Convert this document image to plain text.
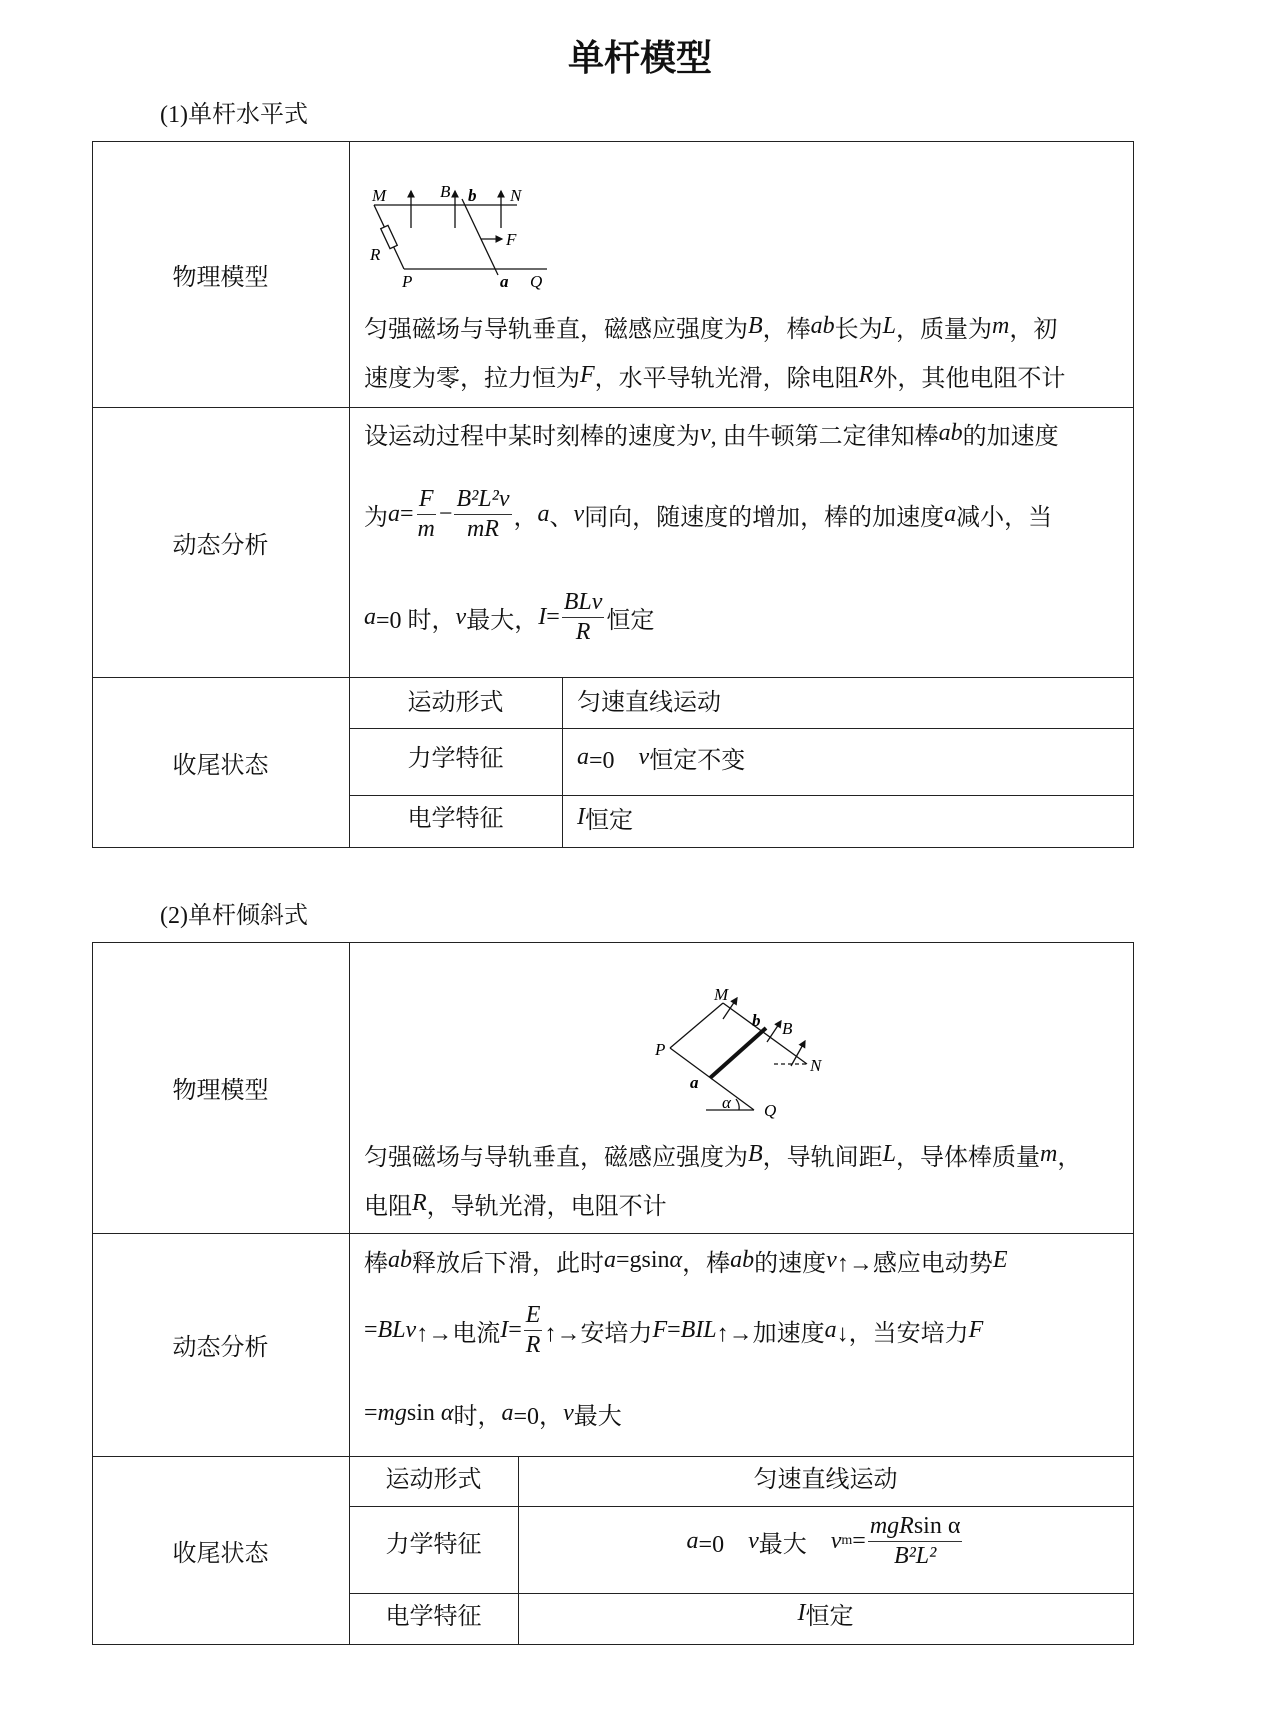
单杆模型
(1)单杆水平式
物理模型
动态分析
收尾状态
M	B b N
F
R
P	a Q
匀强磁场与导轨垂直，磁感应强度为 B ，棒 ab 长为 L ，质量为 m ，初
速度为零，拉力恒为 F ，水平导轨光滑，除电阻 R 外，其他电阻不计
设运动过程中某时刻棒的速度为 v , 由牛顿第二定律知棒 ab 的加速度
为 $a = \frac{F}{m} - \frac{\text{B²L²v}}{mR}$ ， a 、 v 同向，随速度的增加，棒的加速度 a 减小，当
a =0 时， v 最大， $I = \frac{\text{BLv}}{R}$ 恒定
运动形式
力学特征
电学特征
匀速直线运动
a =0　 v 恒定不变
I 恒定
(2)单杆倾斜式
物理模型
动态分析
收尾状态
M
b B
P
N
a
α Q
匀强磁场与导轨垂直，磁感应强度为 B ，导轨间距 L ，导体棒质量 m ，
电阻 R ，导轨光滑，电阻不计
棒 ab 释放后下滑，此时 a =gsin α ，棒 ab 的速度 v ↑→感应电动势 E
= BLv ↑→电流 $I = \frac{E}{R}$ ↑→安培力 F = BIL ↑→加速度 a ↓，当安培力 F
= mg sin
α 时， a =0， v 最大
运动形式
力学特征
电学特征
匀速直线运动
a =0　 v 最大　 v $m = \frac{\text{mgRsin α}}{\text{B²L²}}$
I 恒定
